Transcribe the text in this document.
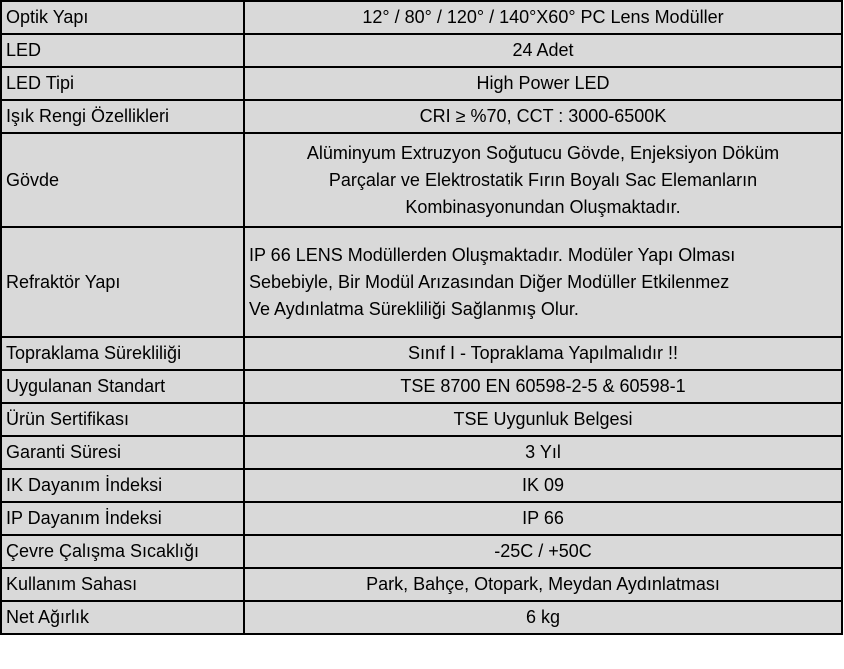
Optik Yapı	12° / 80° / 120° / 140°X60° PC Lens Modüller

LED	24 Adet

LED Tipi	High Power LED

Işık Rengi Özellikleri	CRI ≥ %70, CCT : 3000-6500K

Gövde	Alüminyum Extruzyon Soğutucu Gövde, Enjeksiyon Döküm
Parçalar ve Elektrostatik Fırın Boyalı Sac Elemanların
Kombinasyonundan Oluşmaktadır.

Refraktör Yapı	IP 66 LENS Modüllerden Oluşmaktadır. Modüler Yapı Olması
Sebebiyle, Bir Modül Arızasından Diğer Modüller Etkilenmez
Ve Aydınlatma Sürekliliği Sağlanmış Olur.

Topraklama Sürekliliği	Sınıf I - Topraklama Yapılmalıdır !!

Uygulanan Standart	TSE 8700 EN 60598-2-5 & 60598-1

Ürün Sertifikası	TSE Uygunluk Belgesi

Garanti Süresi	3 Yıl

IK Dayanım İndeksi	IK 09

IP Dayanım İndeksi	IP 66

Çevre Çalışma Sıcaklığı	-25C / +50C

Kullanım Sahası	Park, Bahçe, Otopark, Meydan Aydınlatması

Net Ağırlık	6 kg
